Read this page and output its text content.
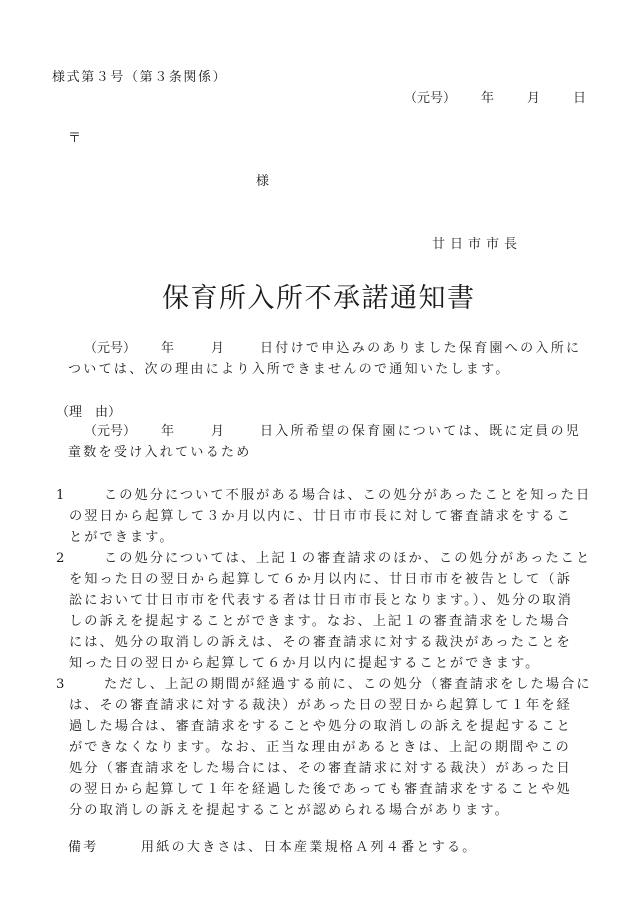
様式第３号（第３条関係）
（元号） 年	月	日
〒
様
廿日市市長
保育所入所不承諾通知書
（元号） 年	月	日付けで申込みのありました保育園への入所に
ついては、次の理由により入所できませんので通知いたします。
（理　由）
（元号） 年	月	日入所希望の保育園については、既に定員の児
童数を受け入れているため
1	この処分について不服がある場合は、この処分があったことを知った日
の翌日から起算して３か月以内に、廿日市市長に対して審査請求をするこ
とができます。
2	この処分については、上記１の審査請求のほか、この処分があったこと
を知った日の翌日から起算して６か月以内に、廿日市市を被告として（訴
訟において廿日市市を代表する者は廿日市市長となります。）、処分の取消
しの訴えを提起することができます。なお、上記１の審査請求をした場合
には、処分の取消しの訴えは、その審査請求に対する裁決があったことを
知った日の翌日から起算して６か月以内に提起することができます。
3	ただし、上記の期間が経過する前に、この処分（審査請求をした場合に
は、その審査請求に対する裁決）があった日の翌日から起算して１年を経
過した場合は、審査請求をすることや処分の取消しの訴えを提起すること
ができなくなります。なお、正当な理由があるときは、上記の期間やこの
処分（審査請求をした場合には、その審査請求に対する裁決）があった日
の翌日から起算して１年を経過した後であっても審査請求をすることや処
分の取消しの訴えを提起することが認められる場合があります。
備考	用紙の大きさは、日本産業規格Ａ列４番とする。
